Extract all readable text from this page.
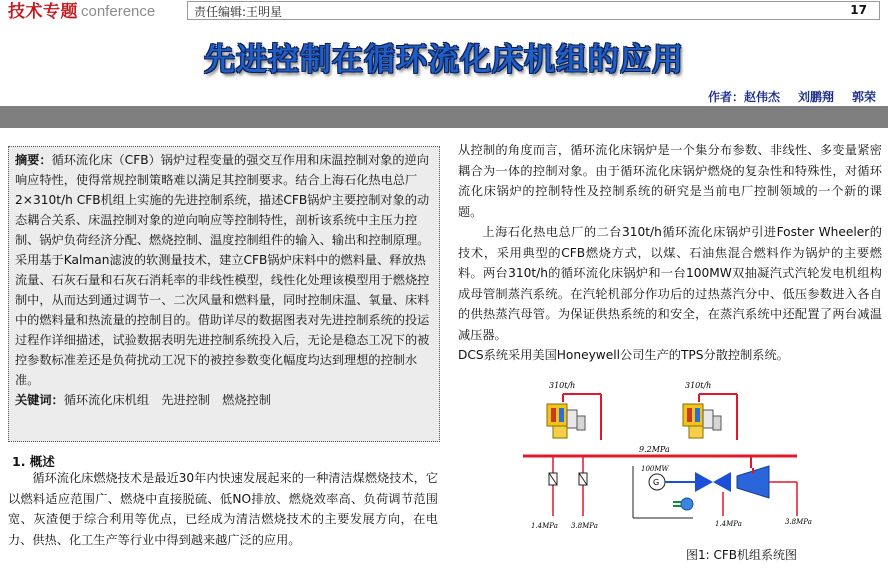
技术专题 conference	责任编辑:王明星	17
先进控制在循环流化床机组的应用
作者：赵伟杰 刘鹏翔 郭荣
摘要：循环流化床（CFB）锅炉过程变量的强交互作用和床温控制对象的逆向响应特性，使得常规控制策略难以满足其控制要求。结合上海石化热电总厂2×310t/h CFB机组上实施的先进控制系统，描述CFB锅炉主要控制对象的动态耦合关系、床温控制对象的逆向响应等控制特性，剖析该系统中主压力控制、锅炉负荷经济分配、燃烧控制、温度控制组件的输入、输出和控制原理。采用基于Kalman滤波的软测量技术，建立CFB锅炉床料中的燃料量、释放热流量、石灰石量和石灰石消耗率的非线性模型，线性化处理该模型用于燃烧控制中，从而达到通过调节一、二次风量和燃料量，同时控制床温、氧量、床料中的燃料量和热流量的控制目的。借助详尽的数据图表对先进控制系统的投运过程作详细描述，试验数据表明先进控制系统投入后，无论是稳态工况下的被控参数标准差还是负荷扰动工况下的被控参数变化幅度均达到理想的控制水准。
关键词：循环流化床机组　先进控制　燃烧控制
1. 概述
循环流化床燃烧技术是最近30年内快速发展起来的一种清洁煤燃烧技术，它以燃料适应范围广、燃烧中直接脱硫、低NO排放、燃烧效率高、负荷调节范围宽、灰渣便于综合利用等优点，已经成为清洁燃烧技术的主要发展方向，在电力、供热、化工生产等行业中得到越来越广泛的应用。

从控制的角度而言，循环流化床锅炉是一个集分布参数、非线性、多变量紧密耦合为一体的控制对象。由于循环流化床锅炉燃烧的复杂性和特殊性，对循环流化床锅炉的控制特性及控制系统的研究是当前电厂控制领域的一个新的课题。

上海石化热电总厂的二台310t/h循环流化床锅炉引进Foster Wheeler的技术，采用典型的CFB燃烧方式，以煤、石油焦混合燃料作为锅炉的主要燃料。两台310t/h的循环流化床锅炉和一台100MW双抽凝汽式汽轮发电机组构成母管制蒸汽系统。在汽轮机部分作功后的过热蒸汽分中、低压参数进入各自的供热蒸汽母管。为保证供热系统的和安全，在蒸汽系统中还配置了两台减温减压器。

DCS系统采用美国Honeywell公司生产的TPS分散控制系统。

310t/h	310t/h
9.2MPa
1.4MPa 3.8MPa
G
100MW
1.4MPa	3.8MPa
图1: CFB机组系统图
